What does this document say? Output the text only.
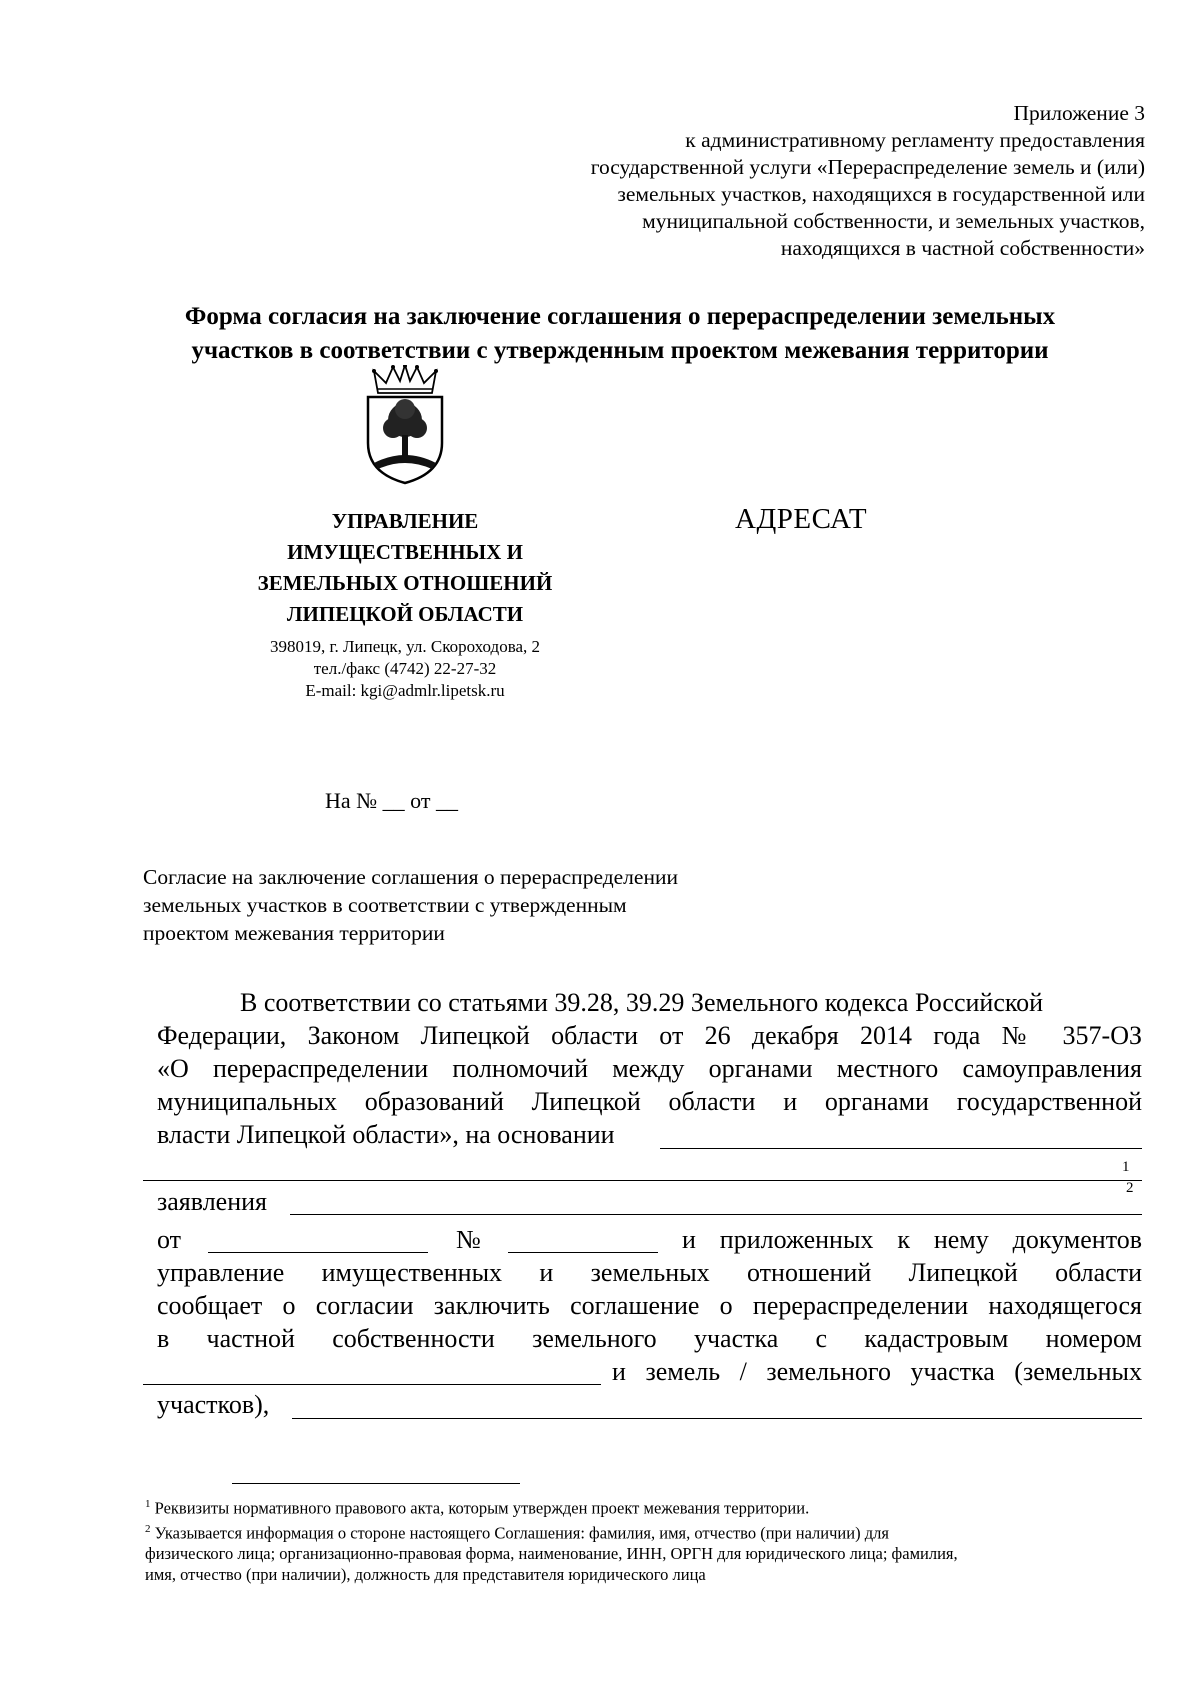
Приложение 3
к административному регламенту предоставления
государственной услуги «Перераспределение земель и (или)
земельных участков, находящихся в государственной или
муниципальной собственности, и земельных участков,
находящихся в частной собственности»
Форма согласия на заключение соглашения о перераспределении земельных
участков в соответствии с утвержденным проектом межевания территории
УПРАВЛЕНИЕ
ИМУЩЕСТВЕННЫХ И
ЗЕМЕЛЬНЫХ ОТНОШЕНИЙ
ЛИПЕЦКОЙ ОБЛАСТИ
398019, г. Липецк, ул. Скороходова, 2
тел./факс (4742) 22-27-32
E-mail: kgi@admlr.lipetsk.ru
АДРЕСАТ
На № __ от __
Согласие на заключение соглашения о перераспределении
земельных участков в соответствии с утвержденным
проектом межевания территории
В соответствии со статьями 39.28, 39.29 Земельного кодекса Российской
Федерации, Законом Липецкой области от 26 декабря 2014 года № 357-ОЗ
«О перераспределении полномочий между органами местного самоуправления
муниципальных образований Липецкой области и органами государственной
власти Липецкой области», на основании
1
2
заявления
от	№	и приложенных к нему документов
управление имущественных и земельных отношений Липецкой области
сообщает о согласии заключить соглашение о перераспределении находящегося
в частной собственности земельного участка с кадастровым номером
и земель / земельного участка (земельных
участков),
$^1$ Реквизиты нормативного правового акта, которым утвержден проект межевания территории.
$^2$ Указывается информация о стороне настоящего Соглашения: фамилия, имя, отчество (при наличии) для
физического лица; организационно-правовая форма, наименование, ИНН, ОРГН для юридического лица; фамилия,
имя, отчество (при наличии), должность для представителя юридического лица
